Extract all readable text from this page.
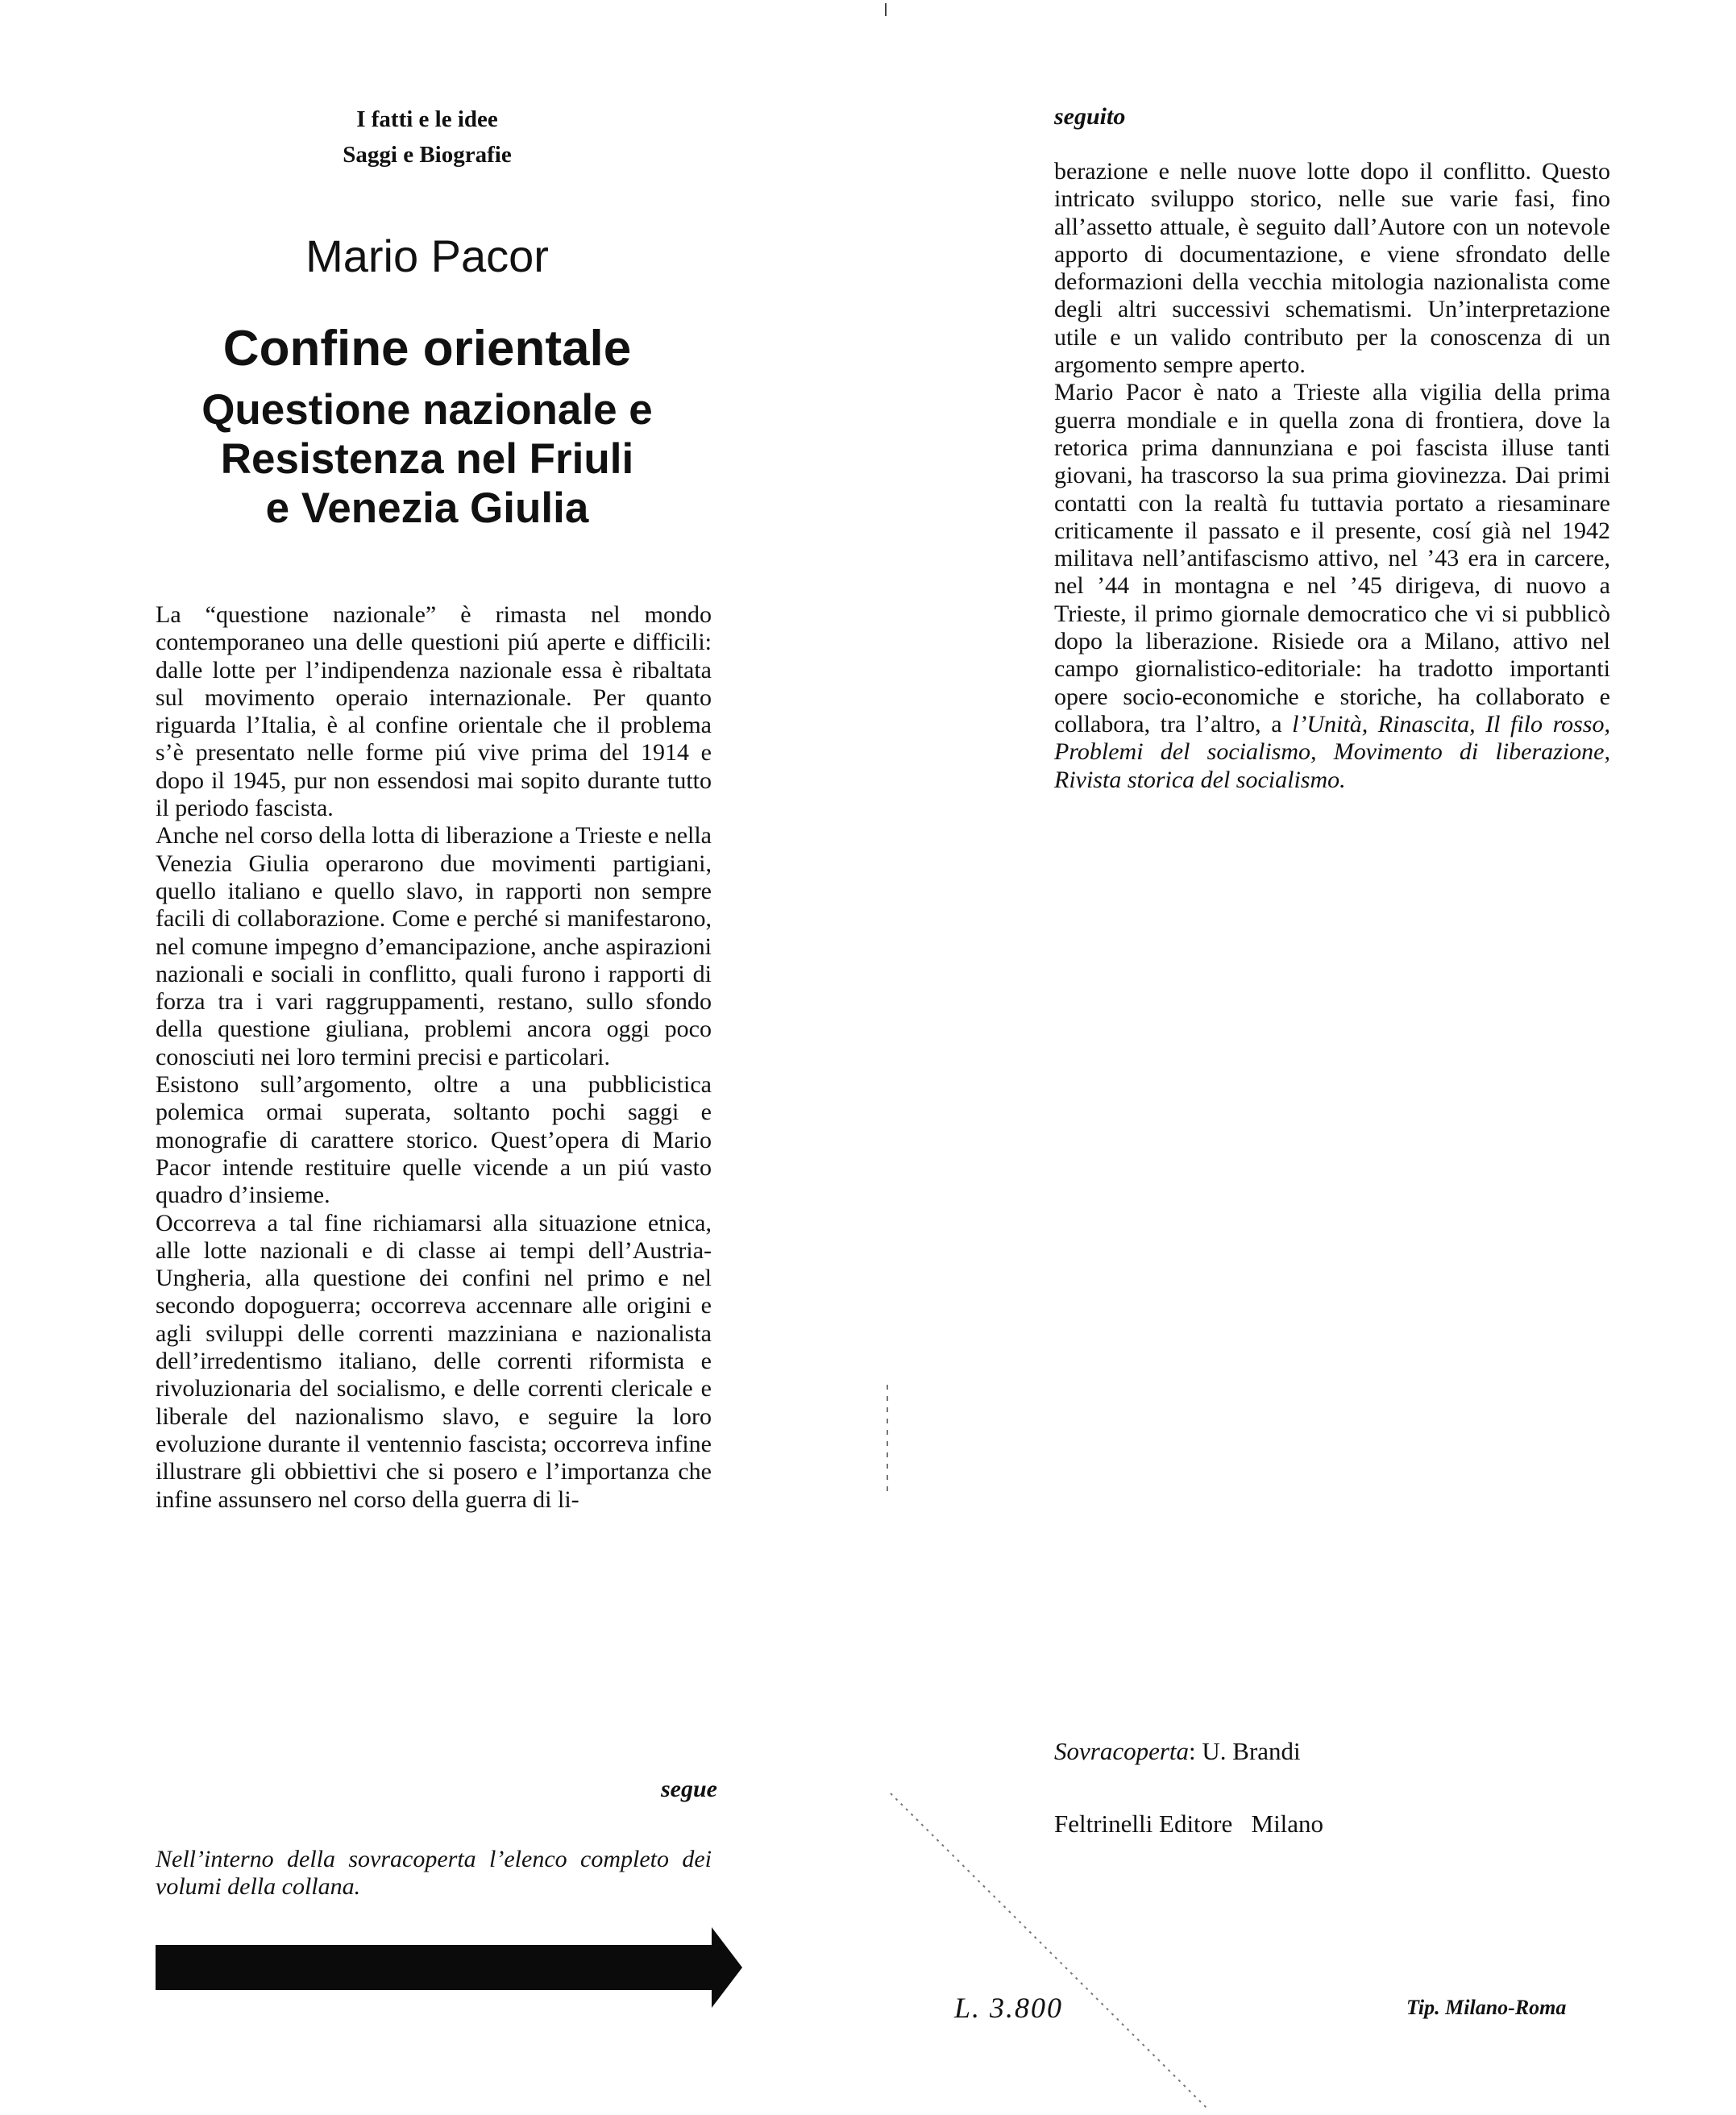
I fatti e le idee
Saggi e Biografie
Mario Pacor
Confine orientale
Questione nazionale e
Resistenza nel Friuli
e Venezia Giulia

La “questione nazionale” è rimasta nel mondo contemporaneo una delle questioni piú aperte e difficili: dalle lotte per l’indipendenza nazionale essa è ribaltata sul movimento operaio internazionale. Per quanto riguarda l’Italia, è al confine orientale che il problema s’è presentato nelle forme piú vive prima del 1914 e dopo il 1945, pur non essendosi mai sopito durante tutto il periodo fascista.

Anche nel corso della lotta di liberazione a Trieste e nella Venezia Giulia operarono due movimenti partigiani, quello italiano e quello slavo, in rapporti non sempre facili di collaborazione. Come e perché si manifestarono, nel comune impegno d’emancipazione, anche aspirazioni nazionali e sociali in conflitto, quali furono i rapporti di forza tra i vari raggruppamenti, restano, sullo sfondo della questione giuliana, problemi ancora oggi poco conosciuti nei loro termini precisi e particolari.

Esistono sull’argomento, oltre a una pubblicistica polemica ormai superata, soltanto pochi saggi e monografie di carattere storico. Quest’opera di Mario Pacor intende restituire quelle vicende a un piú vasto quadro d’insieme.

Occorreva a tal fine richiamarsi alla situazione etnica, alle lotte nazionali e di classe ai tempi dell’Austria-Ungheria, alla questione dei confini nel primo e nel secondo dopoguerra; occorreva accennare alle origini e agli sviluppi delle correnti mazziniana e nazionalista dell’irredentismo italiano, delle correnti riformista e rivoluzionaria del socialismo, e delle correnti clericale e liberale del nazionalismo slavo, e seguire la loro evoluzione durante il ventennio fascista; occorreva infine illustrare gli obbiettivi che si posero e l’importanza che infine assunsero nel corso della guerra di li-

segue
Nell’interno della sovracoperta l’elenco completo dei volumi della collana.
seguito

berazione e nelle nuove lotte dopo il conflitto. Questo intricato sviluppo storico, nelle sue varie fasi, fino all’assetto attuale, è seguito dall’Autore con un notevole apporto di documentazione, e viene sfrondato delle deformazioni della vecchia mitologia nazionalista come degli altri successivi schematismi. Un’interpretazione utile e un valido contributo per la conoscenza di un argomento sempre aperto.

Mario Pacor è nato a Trieste alla vigilia della prima guerra mondiale e in quella zona di frontiera, dove la retorica prima dannunziana e poi fascista illuse tanti giovani, ha trascorso la sua prima giovinezza. Dai primi contatti con la realtà fu tuttavia portato a riesaminare criticamente il passato e il presente, cosí già nel 1942 militava nell’antifascismo attivo, nel ’43 era in carcere, nel ’44 in montagna e nel ’45 dirigeva, di nuovo a Trieste, il primo giornale democratico che vi si pubblicò dopo la liberazione. Risiede ora a Milano, attivo nel campo giornalistico-editoriale: ha tradotto importanti opere socio-economiche e storiche, ha collaborato e collabora, tra l’altro, a l’Unità, Rinascita, Il filo rosso, Problemi del socialismo, Movimento di liberazione, Rivista storica del socialismo.

Sovracoperta: U. Brandi
Feltrinelli Editore   Milano
L. 3.800	Tip. Milano-Roma
